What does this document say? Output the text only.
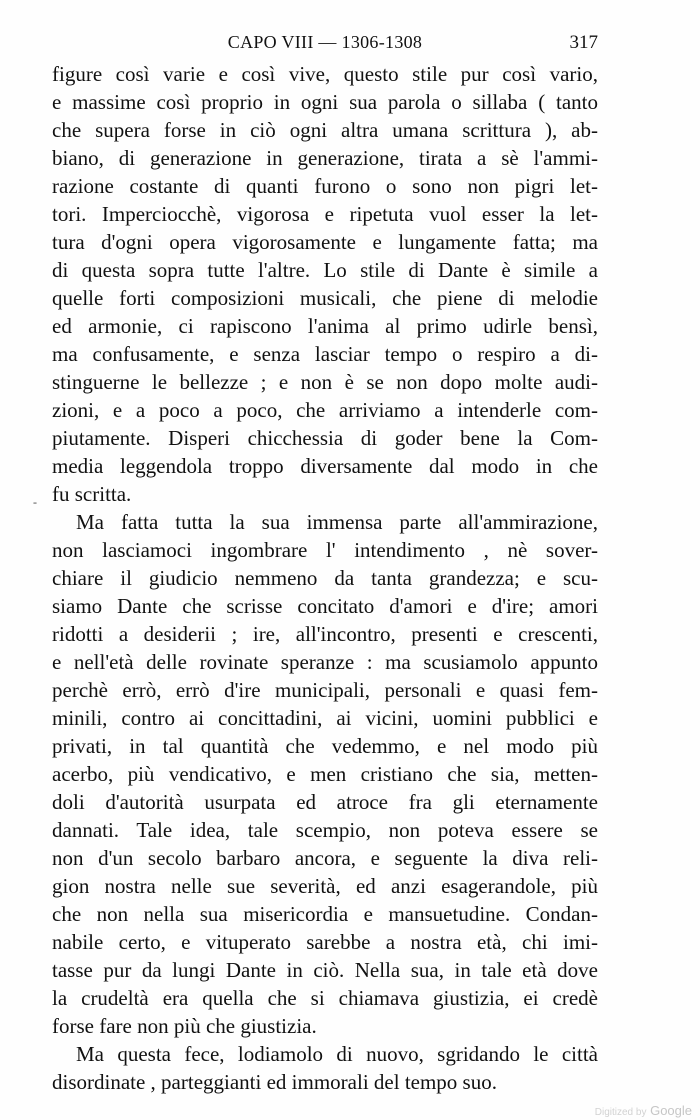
CAPO VIII — 1306-1308	317
-
figure così varie e così vive, questo stile pur così vario,
e massime così proprio in ogni sua parola o sillaba ( tanto
che supera forse in ciò ogni altra umana scrittura ), ab-
biano, di generazione in generazione, tirata a sè l'ammi-
razione costante di quanti furono o sono non pigri let-
tori. Imperciocchè, vigorosa e ripetuta vuol esser la let-
tura d'ogni opera vigorosamente e lungamente fatta; ma
di questa sopra tutte l'altre. Lo stile di Dante è simile a
quelle forti composizioni musicali, che piene di melodie
ed armonie, ci rapiscono l'anima al primo udirle bensì,
ma confusamente, e senza lasciar tempo o respiro a di-
stinguerne le bellezze ; e non è se non dopo molte audi-
zioni, e a poco a poco, che arriviamo a intenderle com-
piutamente. Disperi chicchessia di goder bene la Com-
media leggendola troppo diversamente dal modo in che
fu scritta.
Ma fatta tutta la sua immensa parte all'ammirazione,
non lasciamoci ingombrare l' intendimento , nè sover-
chiare il giudicio nemmeno da tanta grandezza; e scu-
siamo Dante che scrisse concitato d'amori e d'ire; amori
ridotti a desiderii ; ire, all'incontro, presenti e crescenti,
e nell'età delle rovinate speranze : ma scusiamolo appunto
perchè errò, errò d'ire municipali, personali e quasi fem-
minili, contro ai concittadini, ai vicini, uomini pubblici e
privati, in tal quantità che vedemmo, e nel modo più
acerbo, più vendicativo, e men cristiano che sia, metten-
doli d'autorità usurpata ed atroce fra gli eternamente
dannati. Tale idea, tale scempio, non poteva essere se
non d'un secolo barbaro ancora, e seguente la diva reli-
gion nostra nelle sue severità, ed anzi esagerandole, più
che non nella sua misericordia e mansuetudine. Condan-
nabile certo, e vituperato sarebbe a nostra età, chi imi-
tasse pur da lungi Dante in ciò. Nella sua, in tale età dove
la crudeltà era quella che si chiamava giustizia, ei credè
forse fare non più che giustizia.
Ma questa fece, lodiamolo di nuovo, sgridando le città
disordinate , parteggianti ed immorali del tempo suo.
Digitized by Google
